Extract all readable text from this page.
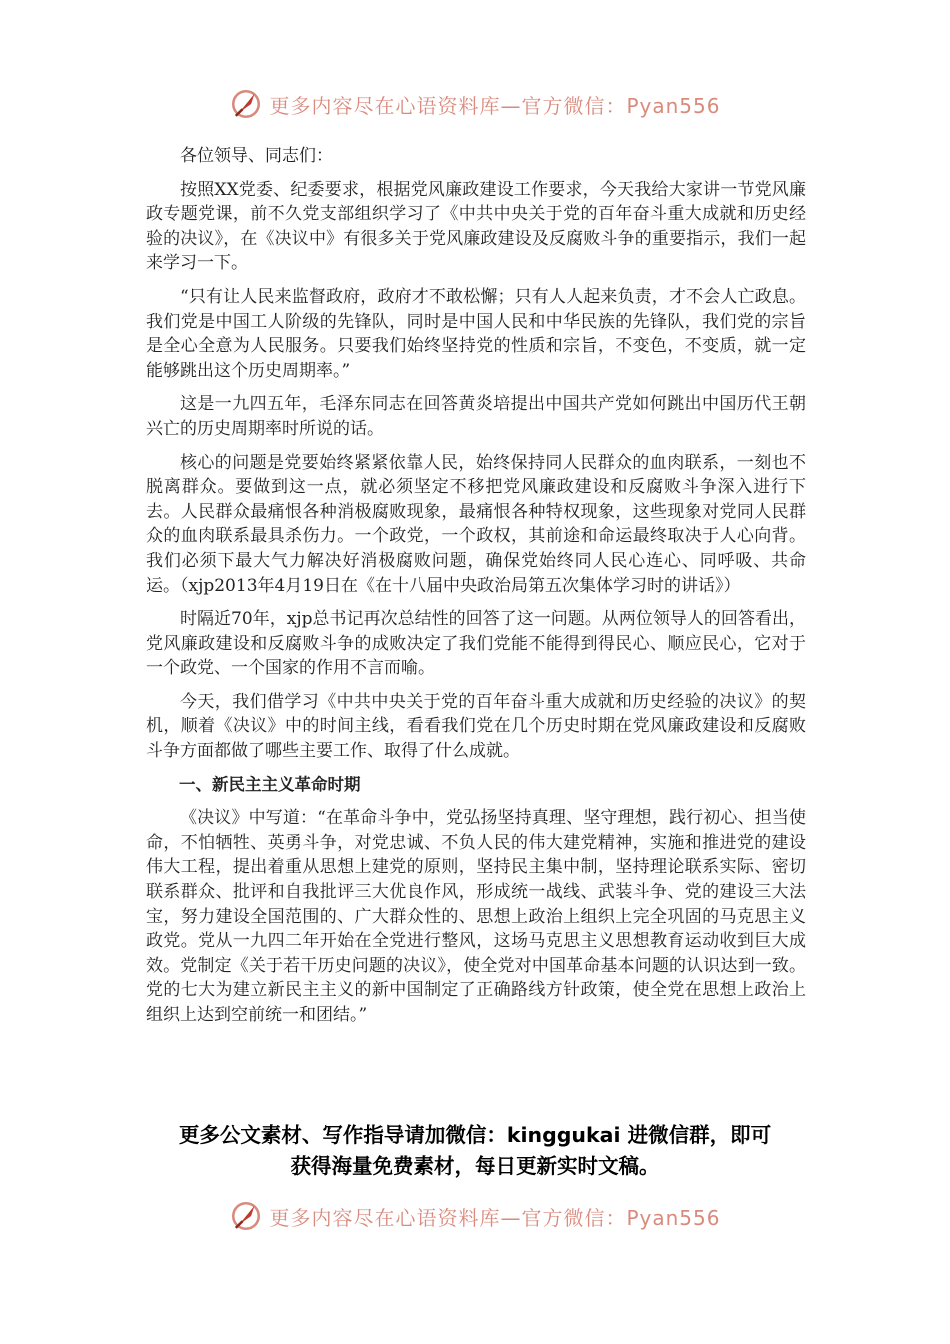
更多内容尽在心语资料库—官方微信：Pyan556

各位领导、同志们：

按照XX党委、纪委要求，根据党风廉政建设工作要求，今天我给大家讲一节党风廉政专题党课，前不久党支部组织学习了《中共中央关于党的百年奋斗重大成就和历史经验的决议》，在《决议中》有很多关于党风廉政建设及反腐败斗争的重要指示，我们一起来学习一下。

“只有让人民来监督政府，政府才不敢松懈；只有人人起来负责，才不会人亡政息。我们党是中国工人阶级的先锋队，同时是中国人民和中华民族的先锋队，我们党的宗旨是全心全意为人民服务。只要我们始终坚持党的性质和宗旨，不变色，不变质，就一定能够跳出这个历史周期率。”

这是一九四五年，毛泽东同志在回答黄炎培提出中国共产党如何跳出中国历代王朝兴亡的历史周期率时所说的话。

核心的问题是党要始终紧紧依靠人民，始终保持同人民群众的血肉联系，一刻也不脱离群众。要做到这一点，就必须坚定不移把党风廉政建设和反腐败斗争深入进行下去。人民群众最痛恨各种消极腐败现象，最痛恨各种特权现象，这些现象对党同人民群众的血肉联系最具杀伤力。一个政党，一个政权，其前途和命运最终取决于人心向背。我们必须下最大气力解决好消极腐败问题，确保党始终同人民心连心、同呼吸、共命运。（xjp2013年4月19日在《在十八届中央政治局第五次集体学习时的讲话》）

时隔近70年，xjp总书记再次总结性的回答了这一问题。从两位领导人的回答看出，党风廉政建设和反腐败斗争的成败决定了我们党能不能得到得民心、顺应民心，它对于一个政党、一个国家的作用不言而喻。

今天，我们借学习《中共中央关于党的百年奋斗重大成就和历史经验的决议》的契机，顺着《决议》中的时间主线，看看我们党在几个历史时期在党风廉政建设和反腐败斗争方面都做了哪些主要工作、取得了什么成就。

一、新民主主义革命时期

《决议》中写道：“在革命斗争中，党弘扬坚持真理、坚守理想，践行初心、担当使命，不怕牺牲、英勇斗争，对党忠诚、不负人民的伟大建党精神，实施和推进党的建设伟大工程，提出着重从思想上建党的原则，坚持民主集中制，坚持理论联系实际、密切联系群众、批评和自我批评三大优良作风，形成统一战线、武装斗争、党的建设三大法宝，努力建设全国范围的、广大群众性的、思想上政治上组织上完全巩固的马克思主义政党。党从一九四二年开始在全党进行整风，这场马克思主义思想教育运动收到巨大成效。党制定《关于若干历史问题的决议》，使全党对中国革命基本问题的认识达到一致。党的七大为建立新民主主义的新中国制定了正确路线方针政策，使全党在思想上政治上组织上达到空前统一和团结。”

更多公文素材、写作指导请加微信：kinggukai 进微信群，即可
获得海量免费素材，每日更新实时文稿。
更多内容尽在心语资料库—官方微信：Pyan556
